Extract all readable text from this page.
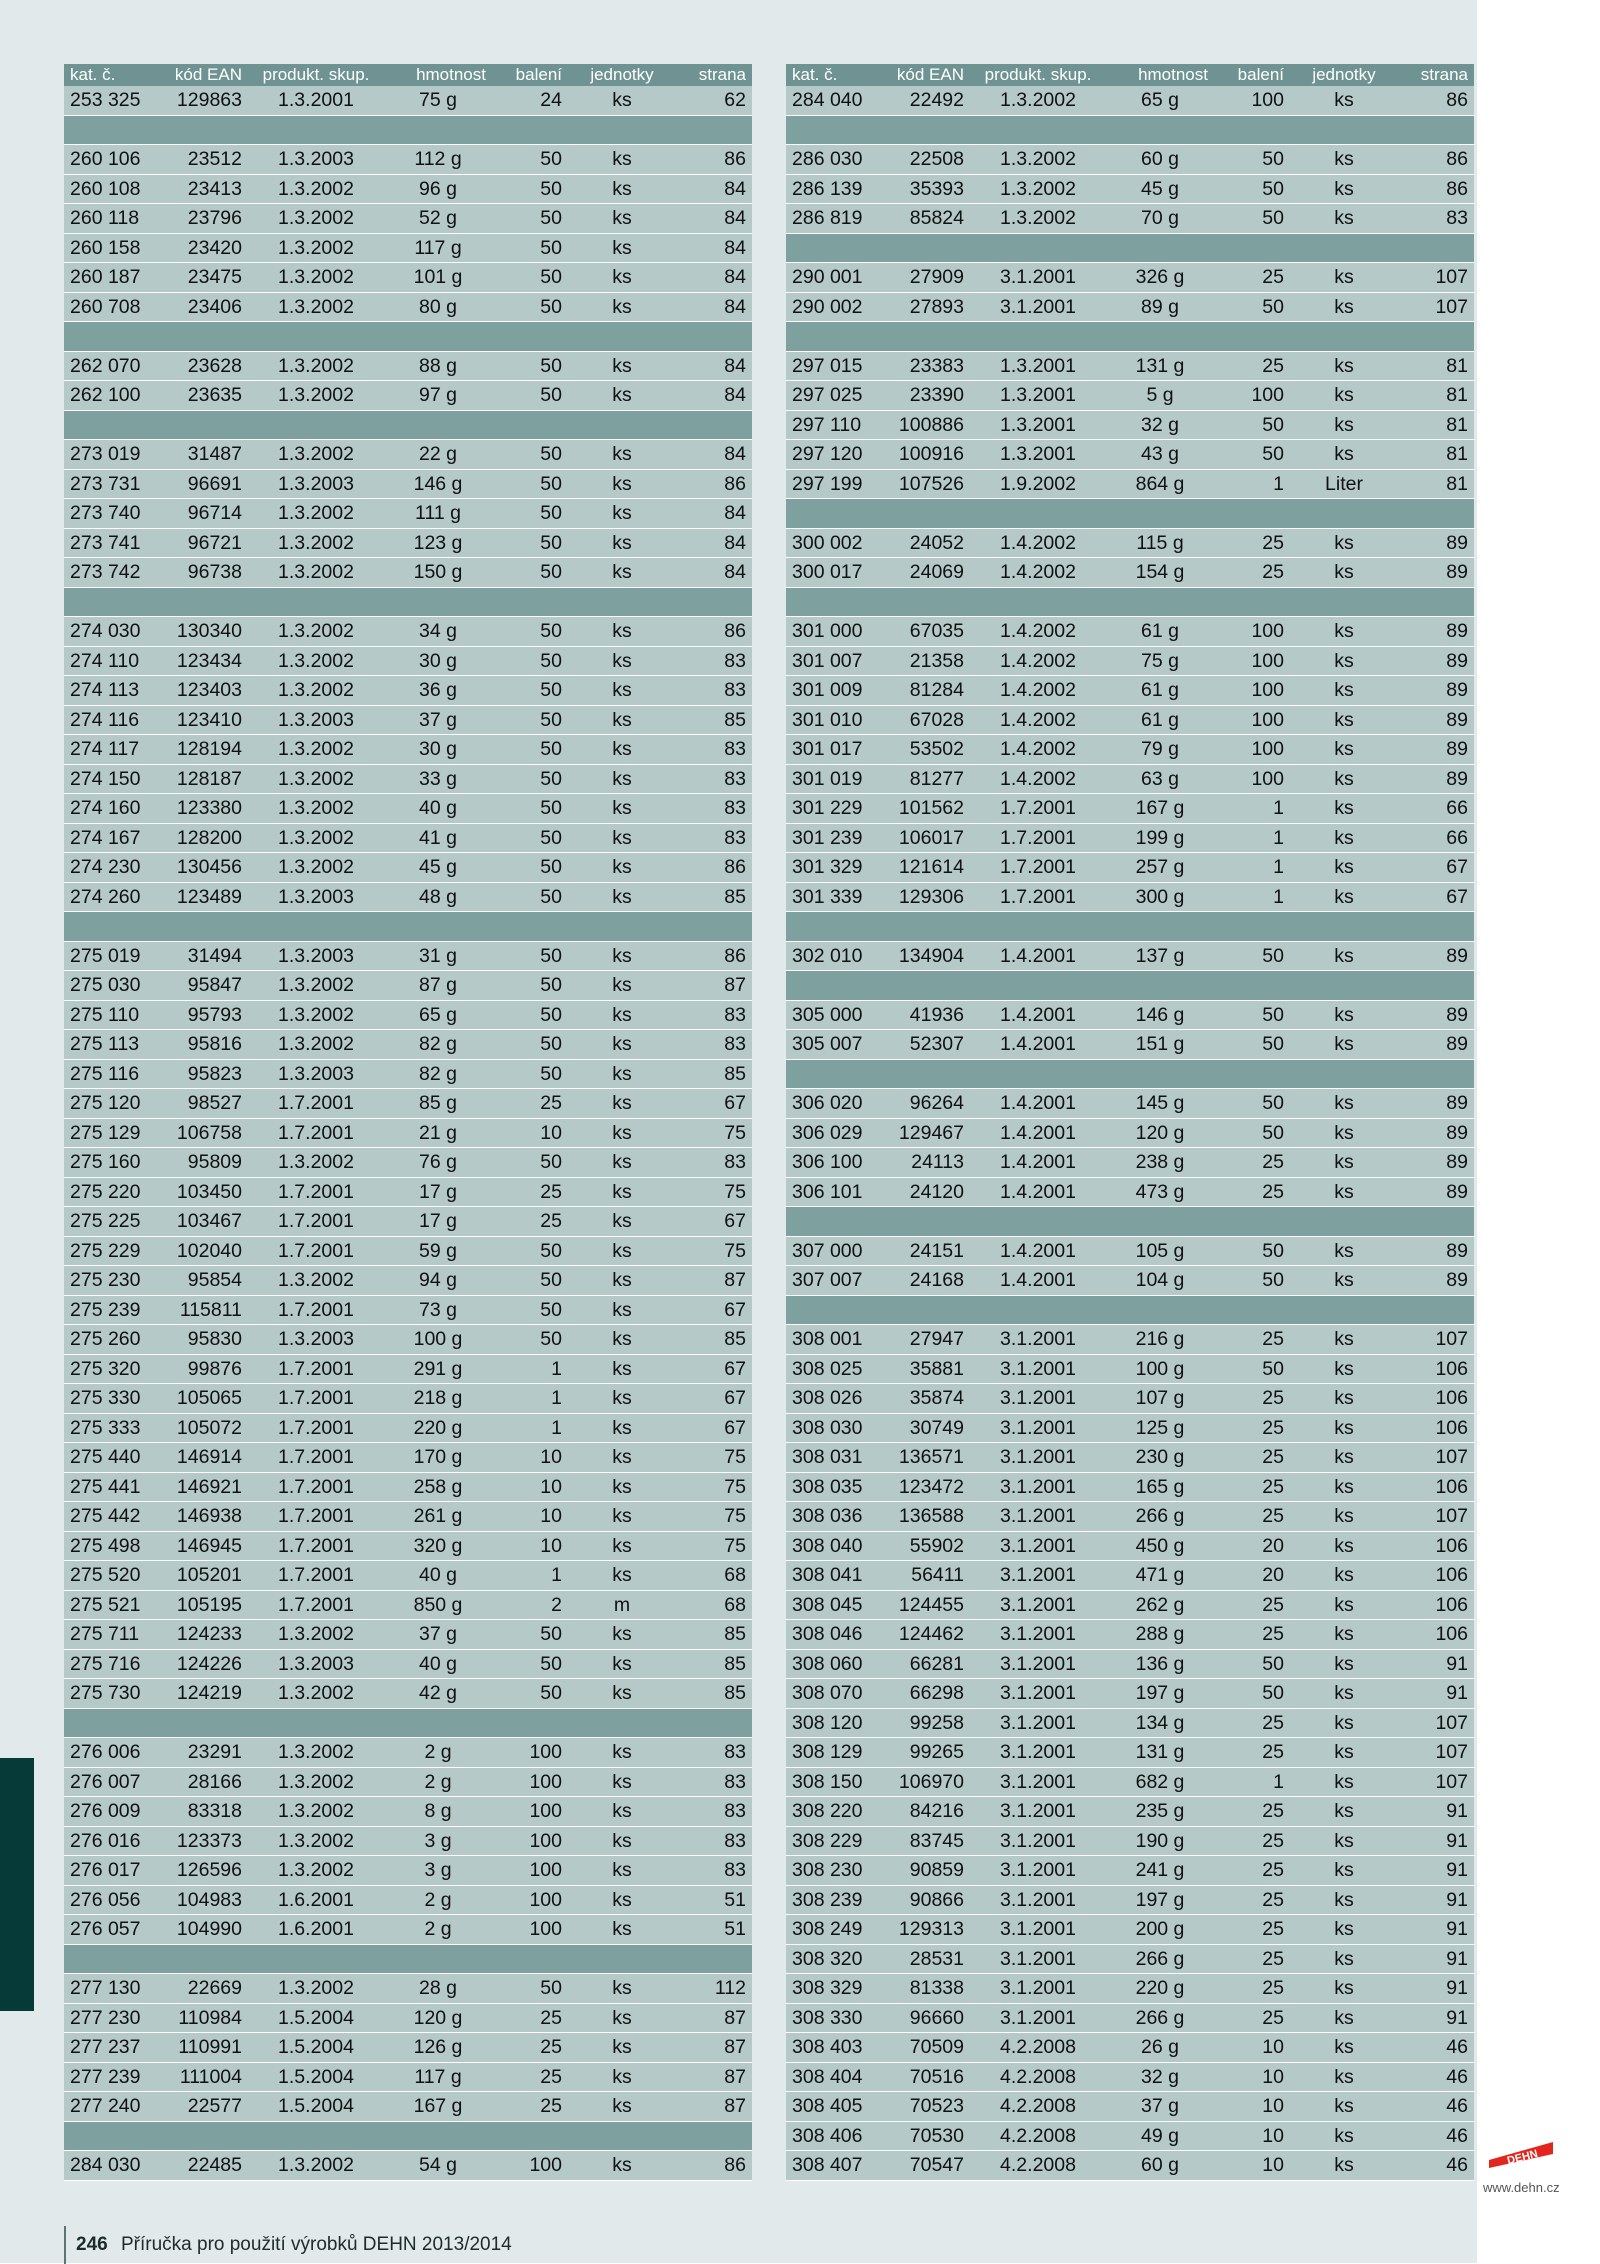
kat. č.	kód EAN	produkt. skup.	hmotnost	balení	jednotky	strana
253 325	129863	1.3.2001	75 g	24	ks	62

260 106	23512	1.3.2003	112 g	50	ks	86
260 108	23413	1.3.2002	96 g	50	ks	84
260 118	23796	1.3.2002	52 g	50	ks	84
260 158	23420	1.3.2002	117 g	50	ks	84
260 187	23475	1.3.2002	101 g	50	ks	84
260 708	23406	1.3.2002	80 g	50	ks	84

262 070	23628	1.3.2002	88 g	50	ks	84
262 100	23635	1.3.2002	97 g	50	ks	84

273 019	31487	1.3.2002	22 g	50	ks	84
273 731	96691	1.3.2003	146 g	50	ks	86
273 740	96714	1.3.2002	111 g	50	ks	84
273 741	96721	1.3.2002	123 g	50	ks	84
273 742	96738	1.3.2002	150 g	50	ks	84

274 030	130340	1.3.2002	34 g	50	ks	86
274 110	123434	1.3.2002	30 g	50	ks	83
274 113	123403	1.3.2002	36 g	50	ks	83
274 116	123410	1.3.2003	37 g	50	ks	85
274 117	128194	1.3.2002	30 g	50	ks	83
274 150	128187	1.3.2002	33 g	50	ks	83
274 160	123380	1.3.2002	40 g	50	ks	83
274 167	128200	1.3.2002	41 g	50	ks	83
274 230	130456	1.3.2002	45 g	50	ks	86
274 260	123489	1.3.2003	48 g	50	ks	85

275 019	31494	1.3.2003	31 g	50	ks	86
275 030	95847	1.3.2002	87 g	50	ks	87
275 110	95793	1.3.2002	65 g	50	ks	83
275 113	95816	1.3.2002	82 g	50	ks	83
275 116	95823	1.3.2003	82 g	50	ks	85
275 120	98527	1.7.2001	85 g	25	ks	67
275 129	106758	1.7.2001	21 g	10	ks	75
275 160	95809	1.3.2002	76 g	50	ks	83
275 220	103450	1.7.2001	17 g	25	ks	75
275 225	103467	1.7.2001	17 g	25	ks	67
275 229	102040	1.7.2001	59 g	50	ks	75
275 230	95854	1.3.2002	94 g	50	ks	87
275 239	115811	1.7.2001	73 g	50	ks	67
275 260	95830	1.3.2003	100 g	50	ks	85
275 320	99876	1.7.2001	291 g	1	ks	67
275 330	105065	1.7.2001	218 g	1	ks	67
275 333	105072	1.7.2001	220 g	1	ks	67
275 440	146914	1.7.2001	170 g	10	ks	75
275 441	146921	1.7.2001	258 g	10	ks	75
275 442	146938	1.7.2001	261 g	10	ks	75
275 498	146945	1.7.2001	320 g	10	ks	75
275 520	105201	1.7.2001	40 g	1	ks	68
275 521	105195	1.7.2001	850 g	2	m	68
275 711	124233	1.3.2002	37 g	50	ks	85
275 716	124226	1.3.2003	40 g	50	ks	85
275 730	124219	1.3.2002	42 g	50	ks	85

276 006	23291	1.3.2002	2 g	100	ks	83
276 007	28166	1.3.2002	2 g	100	ks	83
276 009	83318	1.3.2002	8 g	100	ks	83
276 016	123373	1.3.2002	3 g	100	ks	83
276 017	126596	1.3.2002	3 g	100	ks	83
276 056	104983	1.6.2001	2 g	100	ks	51
276 057	104990	1.6.2001	2 g	100	ks	51

277 130	22669	1.3.2002	28 g	50	ks	112
277 230	110984	1.5.2004	120 g	25	ks	87
277 237	110991	1.5.2004	126 g	25	ks	87
277 239	111004	1.5.2004	117 g	25	ks	87
277 240	22577	1.5.2004	167 g	25	ks	87

284 030	22485	1.3.2002	54 g	100	ks	86
kat. č.	kód EAN	produkt. skup.	hmotnost	balení	jednotky	strana
284 040	22492	1.3.2002	65 g	100	ks	86

286 030	22508	1.3.2002	60 g	50	ks	86
286 139	35393	1.3.2002	45 g	50	ks	86
286 819	85824	1.3.2002	70 g	50	ks	83

290 001	27909	3.1.2001	326 g	25	ks	107
290 002	27893	3.1.2001	89 g	50	ks	107

297 015	23383	1.3.2001	131 g	25	ks	81
297 025	23390	1.3.2001	5 g	100	ks	81
297 110	100886	1.3.2001	32 g	50	ks	81
297 120	100916	1.3.2001	43 g	50	ks	81
297 199	107526	1.9.2002	864 g	1	Liter	81

300 002	24052	1.4.2002	115 g	25	ks	89
300 017	24069	1.4.2002	154 g	25	ks	89

301 000	67035	1.4.2002	61 g	100	ks	89
301 007	21358	1.4.2002	75 g	100	ks	89
301 009	81284	1.4.2002	61 g	100	ks	89
301 010	67028	1.4.2002	61 g	100	ks	89
301 017	53502	1.4.2002	79 g	100	ks	89
301 019	81277	1.4.2002	63 g	100	ks	89
301 229	101562	1.7.2001	167 g	1	ks	66
301 239	106017	1.7.2001	199 g	1	ks	66
301 329	121614	1.7.2001	257 g	1	ks	67
301 339	129306	1.7.2001	300 g	1	ks	67

302 010	134904	1.4.2001	137 g	50	ks	89

305 000	41936	1.4.2001	146 g	50	ks	89
305 007	52307	1.4.2001	151 g	50	ks	89

306 020	96264	1.4.2001	145 g	50	ks	89
306 029	129467	1.4.2001	120 g	50	ks	89
306 100	24113	1.4.2001	238 g	25	ks	89
306 101	24120	1.4.2001	473 g	25	ks	89

307 000	24151	1.4.2001	105 g	50	ks	89
307 007	24168	1.4.2001	104 g	50	ks	89

308 001	27947	3.1.2001	216 g	25	ks	107
308 025	35881	3.1.2001	100 g	50	ks	106
308 026	35874	3.1.2001	107 g	25	ks	106
308 030	30749	3.1.2001	125 g	25	ks	106
308 031	136571	3.1.2001	230 g	25	ks	107
308 035	123472	3.1.2001	165 g	25	ks	106
308 036	136588	3.1.2001	266 g	25	ks	107
308 040	55902	3.1.2001	450 g	20	ks	106
308 041	56411	3.1.2001	471 g	20	ks	106
308 045	124455	3.1.2001	262 g	25	ks	106
308 046	124462	3.1.2001	288 g	25	ks	106
308 060	66281	3.1.2001	136 g	50	ks	91
308 070	66298	3.1.2001	197 g	50	ks	91
308 120	99258	3.1.2001	134 g	25	ks	107
308 129	99265	3.1.2001	131 g	25	ks	107
308 150	106970	3.1.2001	682 g	1	ks	107
308 220	84216	3.1.2001	235 g	25	ks	91
308 229	83745	3.1.2001	190 g	25	ks	91
308 230	90859	3.1.2001	241 g	25	ks	91
308 239	90866	3.1.2001	197 g	25	ks	91
308 249	129313	3.1.2001	200 g	25	ks	91
308 320	28531	3.1.2001	266 g	25	ks	91
308 329	81338	3.1.2001	220 g	25	ks	91
308 330	96660	3.1.2001	266 g	25	ks	91
308 403	70509	4.2.2008	26 g	10	ks	46
308 404	70516	4.2.2008	32 g	10	ks	46
308 405	70523	4.2.2008	37 g	10	ks	46
308 406	70530	4.2.2008	49 g	10	ks	46
308 407	70547	4.2.2008	60 g	10	ks	46
246 Příručka pro použití výrobků DEHN 2013/2014
DEHN
www.dehn.cz
